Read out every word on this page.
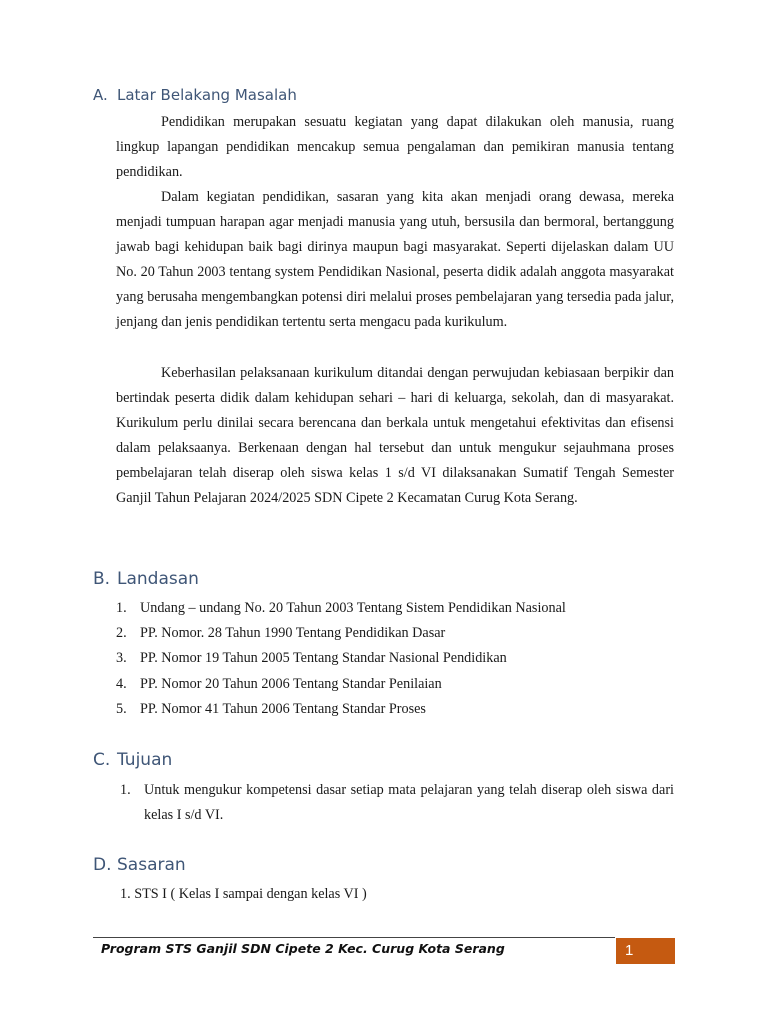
A. Latar Belakang Masalah

Pendidikan merupakan sesuatu kegiatan yang dapat dilakukan oleh manusia, ruang lingkup lapangan pendidikan mencakup semua pengalaman dan pemikiran manusia tentang pendidikan.

Dalam kegiatan pendidikan, sasaran yang kita akan menjadi orang dewasa, mereka menjadi tumpuan harapan agar menjadi manusia yang utuh, bersusila dan bermoral, bertanggung jawab bagi kehidupan baik bagi dirinya maupun bagi masyarakat. Seperti dijelaskan dalam UU No. 20 Tahun 2003 tentang system Pendidikan Nasional, peserta didik adalah anggota masyarakat yang berusaha mengembangkan potensi diri melalui proses pembelajaran yang tersedia pada jalur, jenjang dan jenis pendidikan tertentu serta mengacu pada kurikulum.

Keberhasilan pelaksanaan kurikulum ditandai dengan perwujudan kebiasaan berpikir dan bertindak peserta didik dalam kehidupan sehari – hari di keluarga, sekolah, dan di masyarakat. Kurikulum perlu dinilai secara berencana dan berkala untuk mengetahui efektivitas dan efisensi dalam pelaksaanya. Berkenaan dengan hal tersebut dan untuk mengukur sejauhmana proses pembelajaran telah diserap oleh siswa kelas 1 s/d VI dilaksanakan Sumatif Tengah Semester Ganjil Tahun Pelajaran 2024/2025 SDN Cipete 2 Kecamatan Curug Kota Serang.

B. Landasan
1. Undang – undang No. 20 Tahun 2003 Tentang Sistem Pendidikan Nasional
2. PP. Nomor. 28 Tahun 1990 Tentang Pendidikan Dasar
3. PP. Nomor 19 Tahun 2005 Tentang Standar Nasional Pendidikan
4. PP. Nomor 20 Tahun 2006 Tentang Standar Penilaian
5. PP. Nomor 41 Tahun 2006 Tentang Standar Proses
C. Tujuan
1. Untuk mengukur kompetensi dasar setiap mata pelajaran yang telah diserap oleh siswa dari kelas I s/d VI.
D. Sasaran

1. STS I ( Kelas I sampai dengan kelas VI )

Program STS Ganjil SDN Cipete 2 Kec. Curug Kota Serang	1
